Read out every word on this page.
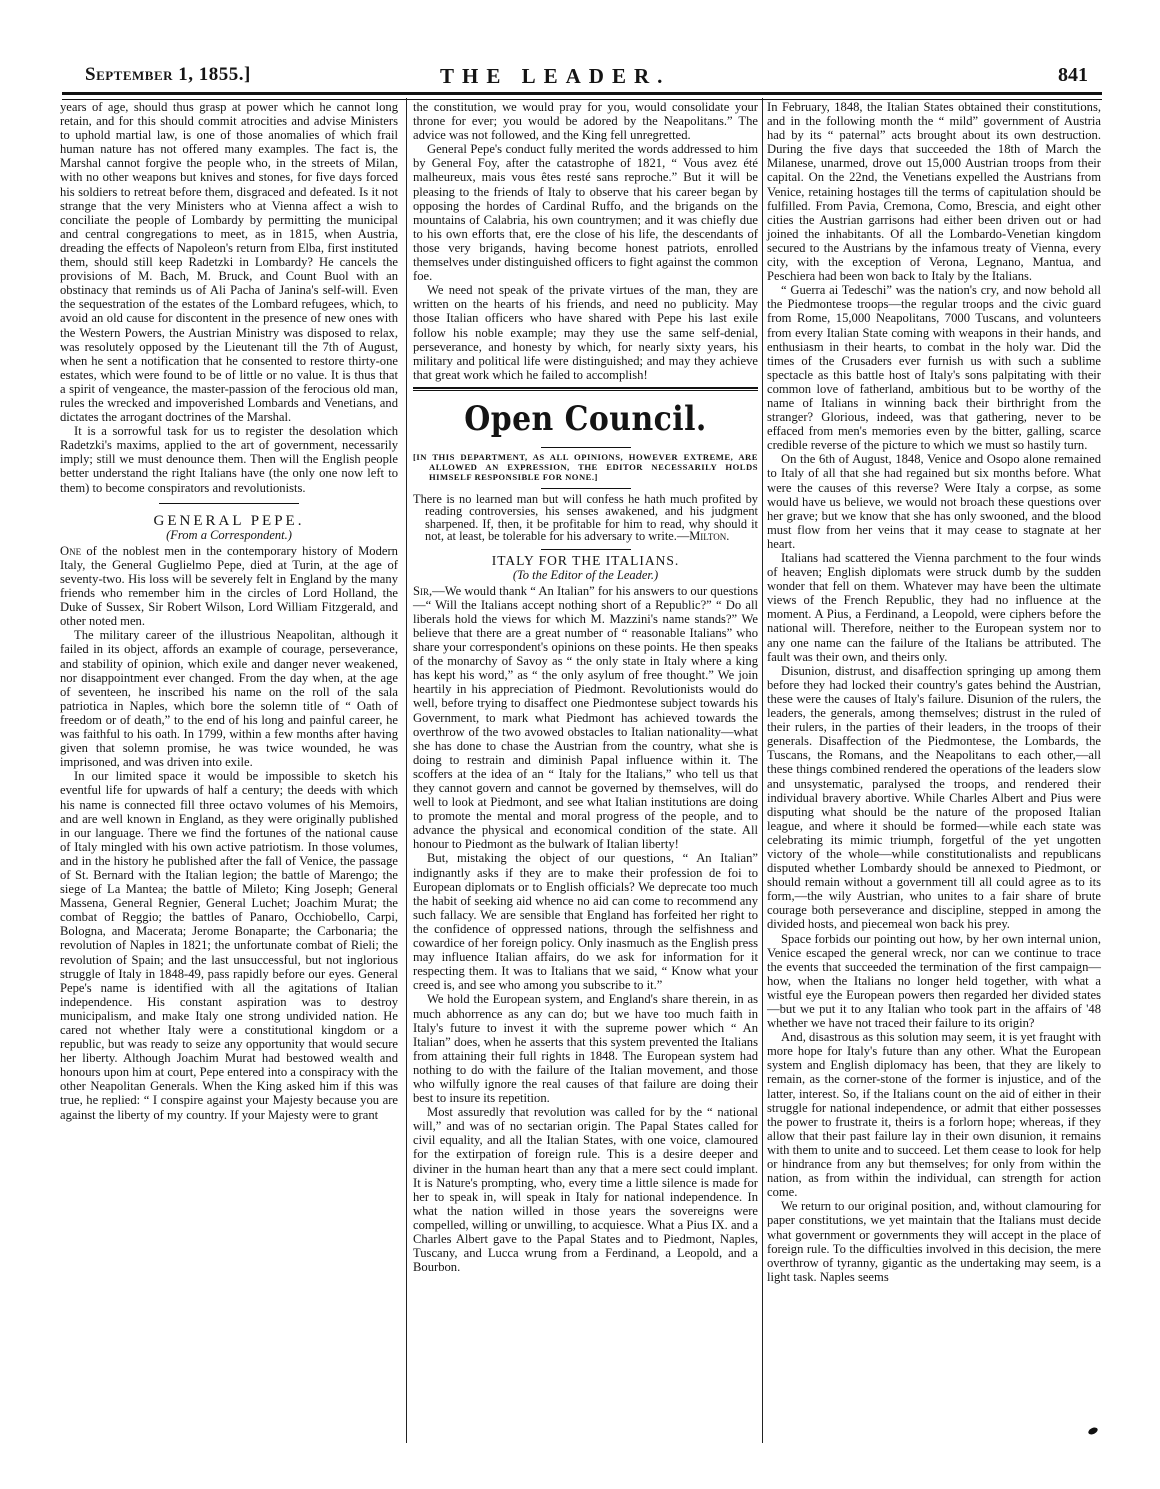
September 1, 1855.]	THE LEADER.	841

years of age, should thus grasp at power which he cannot long retain, and for this should commit atrocities and advise Ministers to uphold martial law, is one of those anomalies of which frail human nature has not offered many examples. The fact is, the Marshal cannot forgive the people who, in the streets of Milan, with no other weapons but knives and stones, for five days forced his soldiers to retreat before them, disgraced and defeated. Is it not strange that the very Ministers who at Vienna affect a wish to conciliate the people of Lombardy by permitting the municipal and central congregations to meet, as in 1815, when Austria, dreading the effects of Napoleon's return from Elba, first instituted them, should still keep Radetzki in Lombardy? He cancels the provisions of M. Bach, M. Bruck, and Count Buol with an obstinacy that reminds us of Ali Pacha of Janina's self-will. Even the sequestration of the estates of the Lombard refugees, which, to avoid an old cause for discontent in the presence of new ones with the Western Powers, the Austrian Ministry was disposed to relax, was resolutely opposed by the Lieutenant till the 7th of August, when he sent a notification that he consented to restore thirty-one estates, which were found to be of little or no value. It is thus that a spirit of vengeance, the master-passion of the ferocious old man, rules the wrecked and impoverished Lombards and Venetians, and dictates the arrogant doctrines of the Marshal.

It is a sorrowful task for us to register the desolation which Radetzki's maxims, applied to the art of government, necessarily imply; still we must denounce them. Then will the English people better understand the right Italians have (the only one now left to them) to become conspirators and revolutionists.

GENERAL PEPE.
(From a Correspondent.)

One of the noblest men in the contemporary history of Modern Italy, the General Guglielmo Pepe, died at Turin, at the age of seventy-two. His loss will be severely felt in England by the many friends who remember him in the circles of Lord Holland, the Duke of Sussex, Sir Robert Wilson, Lord William Fitzgerald, and other noted men.

The military career of the illustrious Neapolitan, although it failed in its object, affords an example of courage, perseverance, and stability of opinion, which exile and danger never weakened, nor disappointment ever changed. From the day when, at the age of seventeen, he inscribed his name on the roll of the sala patriotica in Naples, which bore the solemn title of “ Oath of freedom or of death,” to the end of his long and painful career, he was faithful to his oath. In 1799, within a few months after having given that solemn promise, he was twice wounded, he was imprisoned, and was driven into exile.

In our limited space it would be impossible to sketch his eventful life for upwards of half a century; the deeds with which his name is connected fill three octavo volumes of his Memoirs, and are well known in England, as they were originally published in our language. There we find the fortunes of the national cause of Italy mingled with his own active patriotism. In those volumes, and in the history he published after the fall of Venice, the passage of St. Bernard with the Italian legion; the battle of Marengo; the siege of La Mantea; the battle of Mileto; King Joseph; General Massena, General Regnier, General Luchet; Joachim Murat; the combat of Reggio; the battles of Panaro, Occhiobello, Carpi, Bologna, and Macerata; Jerome Bonaparte; the Carbonaria; the revolution of Naples in 1821; the unfortunate combat of Rieli; the revolution of Spain; and the last unsuccessful, but not inglorious struggle of Italy in 1848-49, pass rapidly before our eyes. General Pepe's name is identified with all the agitations of Italian independence. His constant aspiration was to destroy municipalism, and make Italy one strong undivided nation. He cared not whether Italy were a constitutional kingdom or a republic, but was ready to seize any opportunity that would secure her liberty. Although Joachim Murat had bestowed wealth and honours upon him at court, Pepe entered into a conspiracy with the other Neapolitan Generals. When the King asked him if this was true, he replied: “ I conspire against your Majesty because you are against the liberty of my country. If your Majesty were to grant

the constitution, we would pray for you, would consolidate your throne for ever; you would be adored by the Neapolitans.” The advice was not followed, and the King fell unregretted.

General Pepe's conduct fully merited the words addressed to him by General Foy, after the catastrophe of 1821, “ Vous avez été malheureux, mais vous êtes resté sans reproche.” But it will be pleasing to the friends of Italy to observe that his career began by opposing the hordes of Cardinal Ruffo, and the brigands on the mountains of Calabria, his own countrymen; and it was chiefly due to his own efforts that, ere the close of his life, the descendants of those very brigands, having become honest patriots, enrolled themselves under distinguished officers to fight against the common foe.

We need not speak of the private virtues of the man, they are written on the hearts of his friends, and need no publicity. May those Italian officers who have shared with Pepe his last exile follow his noble example; may they use the same self-denial, perseverance, and honesty by which, for nearly sixty years, his military and political life were distinguished; and may they achieve that great work which he failed to accomplish!

Open Council.
[IN THIS DEPARTMENT, AS ALL OPINIONS, HOWEVER EXTREME, ARE ALLOWED AN EXPRESSION, THE EDITOR NECESSARILY HOLDS HIMSELF RESPONSIBLE FOR NONE.]
There is no learned man but will confess he hath much profited by reading controversies, his senses awakened, and his judgment sharpened. If, then, it be profitable for him to read, why should it not, at least, be tolerable for his adversary to write.—Milton.
ITALY FOR THE ITALIANS.
(To the Editor of the Leader.)

Sir,—We would thank “ An Italian” for his answers to our questions—“ Will the Italians accept nothing short of a Republic?” “ Do all liberals hold the views for which M. Mazzini's name stands?” We believe that there are a great number of “ reasonable Italians” who share your correspondent's opinions on these points. He then speaks of the monarchy of Savoy as “ the only state in Italy where a king has kept his word,” as “ the only asylum of free thought.” We join heartily in his appreciation of Piedmont. Revolutionists would do well, before trying to disaffect one Piedmontese subject towards his Government, to mark what Piedmont has achieved towards the overthrow of the two avowed obstacles to Italian nationality—what she has done to chase the Austrian from the country, what she is doing to restrain and diminish Papal influence within it. The scoffers at the idea of an “ Italy for the Italians,” who tell us that they cannot govern and cannot be governed by themselves, will do well to look at Piedmont, and see what Italian institutions are doing to promote the mental and moral progress of the people, and to advance the physical and economical condition of the state. All honour to Piedmont as the bulwark of Italian liberty!

But, mistaking the object of our questions, “ An Italian” indignantly asks if they are to make their profession de foi to European diplomats or to English officials? We deprecate too much the habit of seeking aid whence no aid can come to recommend any such fallacy. We are sensible that England has forfeited her right to the confidence of oppressed nations, through the selfishness and cowardice of her foreign policy. Only inasmuch as the English press may influence Italian affairs, do we ask for information for it respecting them. It was to Italians that we said, “ Know what your creed is, and see who among you subscribe to it.”

We hold the European system, and England's share therein, in as much abhorrence as any can do; but we have too much faith in Italy's future to invest it with the supreme power which “ An Italian” does, when he asserts that this system prevented the Italians from attaining their full rights in 1848. The European system had nothing to do with the failure of the Italian movement, and those who wilfully ignore the real causes of that failure are doing their best to insure its repetition.

Most assuredly that revolution was called for by the “ national will,” and was of no sectarian origin. The Papal States called for civil equality, and all the Italian States, with one voice, clamoured for the extirpation of foreign rule. This is a desire deeper and diviner in the human heart than any that a mere sect could implant. It is Nature's prompting, who, every time a little silence is made for her to speak in, will speak in Italy for national independence. In what the nation willed in those years the sovereigns were compelled, willing or unwilling, to acquiesce. What a Pius IX. and a Charles Albert gave to the Papal States and to Piedmont, Naples, Tuscany, and Lucca wrung from a Ferdinand, a Leopold, and a Bourbon.

In February, 1848, the Italian States obtained their constitutions, and in the following month the “ mild” government of Austria had by its “ paternal” acts brought about its own destruction. During the five days that succeeded the 18th of March the Milanese, unarmed, drove out 15,000 Austrian troops from their capital. On the 22nd, the Venetians expelled the Austrians from Venice, retaining hostages till the terms of capitulation should be fulfilled. From Pavia, Cremona, Como, Brescia, and eight other cities the Austrian garrisons had either been driven out or had joined the inhabitants. Of all the Lombardo-Venetian kingdom secured to the Austrians by the infamous treaty of Vienna, every city, with the exception of Verona, Legnano, Mantua, and Peschiera had been won back to Italy by the Italians.

“ Guerra ai Tedeschi” was the nation's cry, and now behold all the Piedmontese troops—the regular troops and the civic guard from Rome, 15,000 Neapolitans, 7000 Tuscans, and volunteers from every Italian State coming with weapons in their hands, and enthusiasm in their hearts, to combat in the holy war. Did the times of the Crusaders ever furnish us with such a sublime spectacle as this battle host of Italy's sons palpitating with their common love of fatherland, ambitious but to be worthy of the name of Italians in winning back their birthright from the stranger? Glorious, indeed, was that gathering, never to be effaced from men's memories even by the bitter, galling, scarce credible reverse of the picture to which we must so hastily turn.

On the 6th of August, 1848, Venice and Osopo alone remained to Italy of all that she had regained but six months before. What were the causes of this reverse? Were Italy a corpse, as some would have us believe, we would not broach these questions over her grave; but we know that she has only swooned, and the blood must flow from her veins that it may cease to stagnate at her heart.

Italians had scattered the Vienna parchment to the four winds of heaven; English diplomats were struck dumb by the sudden wonder that fell on them. Whatever may have been the ultimate views of the French Republic, they had no influence at the moment. A Pius, a Ferdinand, a Leopold, were ciphers before the national will. Therefore, neither to the European system nor to any one name can the failure of the Italians be attributed. The fault was their own, and theirs only.

Disunion, distrust, and disaffection springing up among them before they had locked their country's gates behind the Austrian, these were the causes of Italy's failure. Disunion of the rulers, the leaders, the generals, among themselves; distrust in the ruled of their rulers, in the parties of their leaders, in the troops of their generals. Disaffection of the Piedmontese, the Lombards, the Tuscans, the Romans, and the Neapolitans to each other,—all these things combined rendered the operations of the leaders slow and unsystematic, paralysed the troops, and rendered their individual bravery abortive. While Charles Albert and Pius were disputing what should be the nature of the proposed Italian league, and where it should be formed—while each state was celebrating its mimic triumph, forgetful of the yet ungotten victory of the whole—while constitutionalists and republicans disputed whether Lombardy should be annexed to Piedmont, or should remain without a government till all could agree as to its form,—the wily Austrian, who unites to a fair share of brute courage both perseverance and discipline, stepped in among the divided hosts, and piecemeal won back his prey.

Space forbids our pointing out how, by her own internal union, Venice escaped the general wreck, nor can we continue to trace the events that succeeded the termination of the first campaign—how, when the Italians no longer held together, with what a wistful eye the European powers then regarded her divided states—but we put it to any Italian who took part in the affairs of '48 whether we have not traced their failure to its origin?

And, disastrous as this solution may seem, it is yet fraught with more hope for Italy's future than any other. What the European system and English diplomacy has been, that they are likely to remain, as the corner-stone of the former is injustice, and of the latter, interest. So, if the Italians count on the aid of either in their struggle for national independence, or admit that either possesses the power to frustrate it, theirs is a forlorn hope; whereas, if they allow that their past failure lay in their own disunion, it remains with them to unite and to succeed. Let them cease to look for help or hindrance from any but themselves; for only from within the nation, as from within the individual, can strength for action come.

We return to our original position, and, without clamouring for paper constitutions, we yet maintain that the Italians must decide what government or governments they will accept in the place of foreign rule. To the difficulties involved in this decision, the mere overthrow of tyranny, gigantic as the undertaking may seem, is a light task. Naples seems
